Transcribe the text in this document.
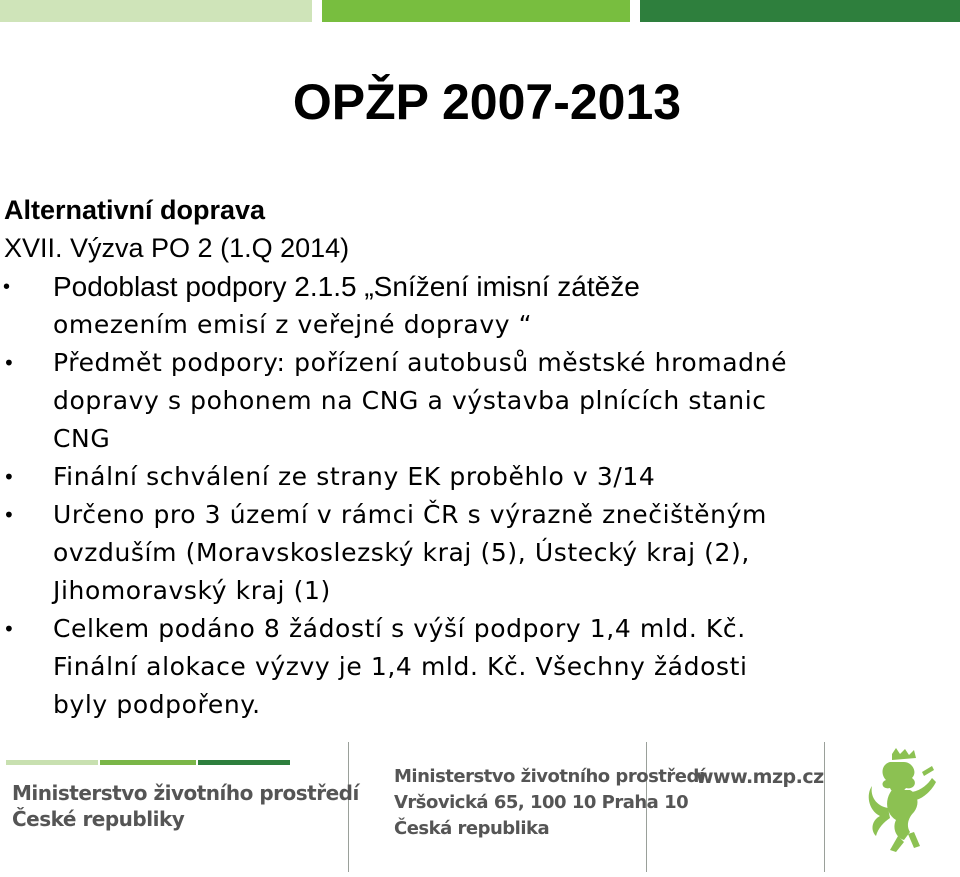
OPŽP 2007-2013
Alternativní doprava
XVII. Výzva PO 2 (1.Q 2014)
• Podoblast podpory 2.1.5 „Snížení imisní zátěže
omezením emisí z veřejné dopravy “
• Předmět podpory: pořízení autobusů městské hromadné
dopravy s pohonem na CNG a výstavba plnících stanic
CNG
• Finální schválení ze strany EK proběhlo v 3/14
• Určeno pro 3 území v rámci ČR s výrazně znečištěným
ovzduším (Moravskoslezský kraj (5), Ústecký kraj (2),
Jihomoravský kraj (1)
• Celkem podáno 8 žádostí s výší podpory 1,4 mld. Kč.
Finální alokace výzvy je 1,4 mld. Kč. Všechny žádosti
byly podpořeny.
Ministerstvo životního prostředí
České republiky
Ministerstvo životního prostředí
Vršovická 65, 100 10 Praha 10
Česká republika
www.mzp.cz
